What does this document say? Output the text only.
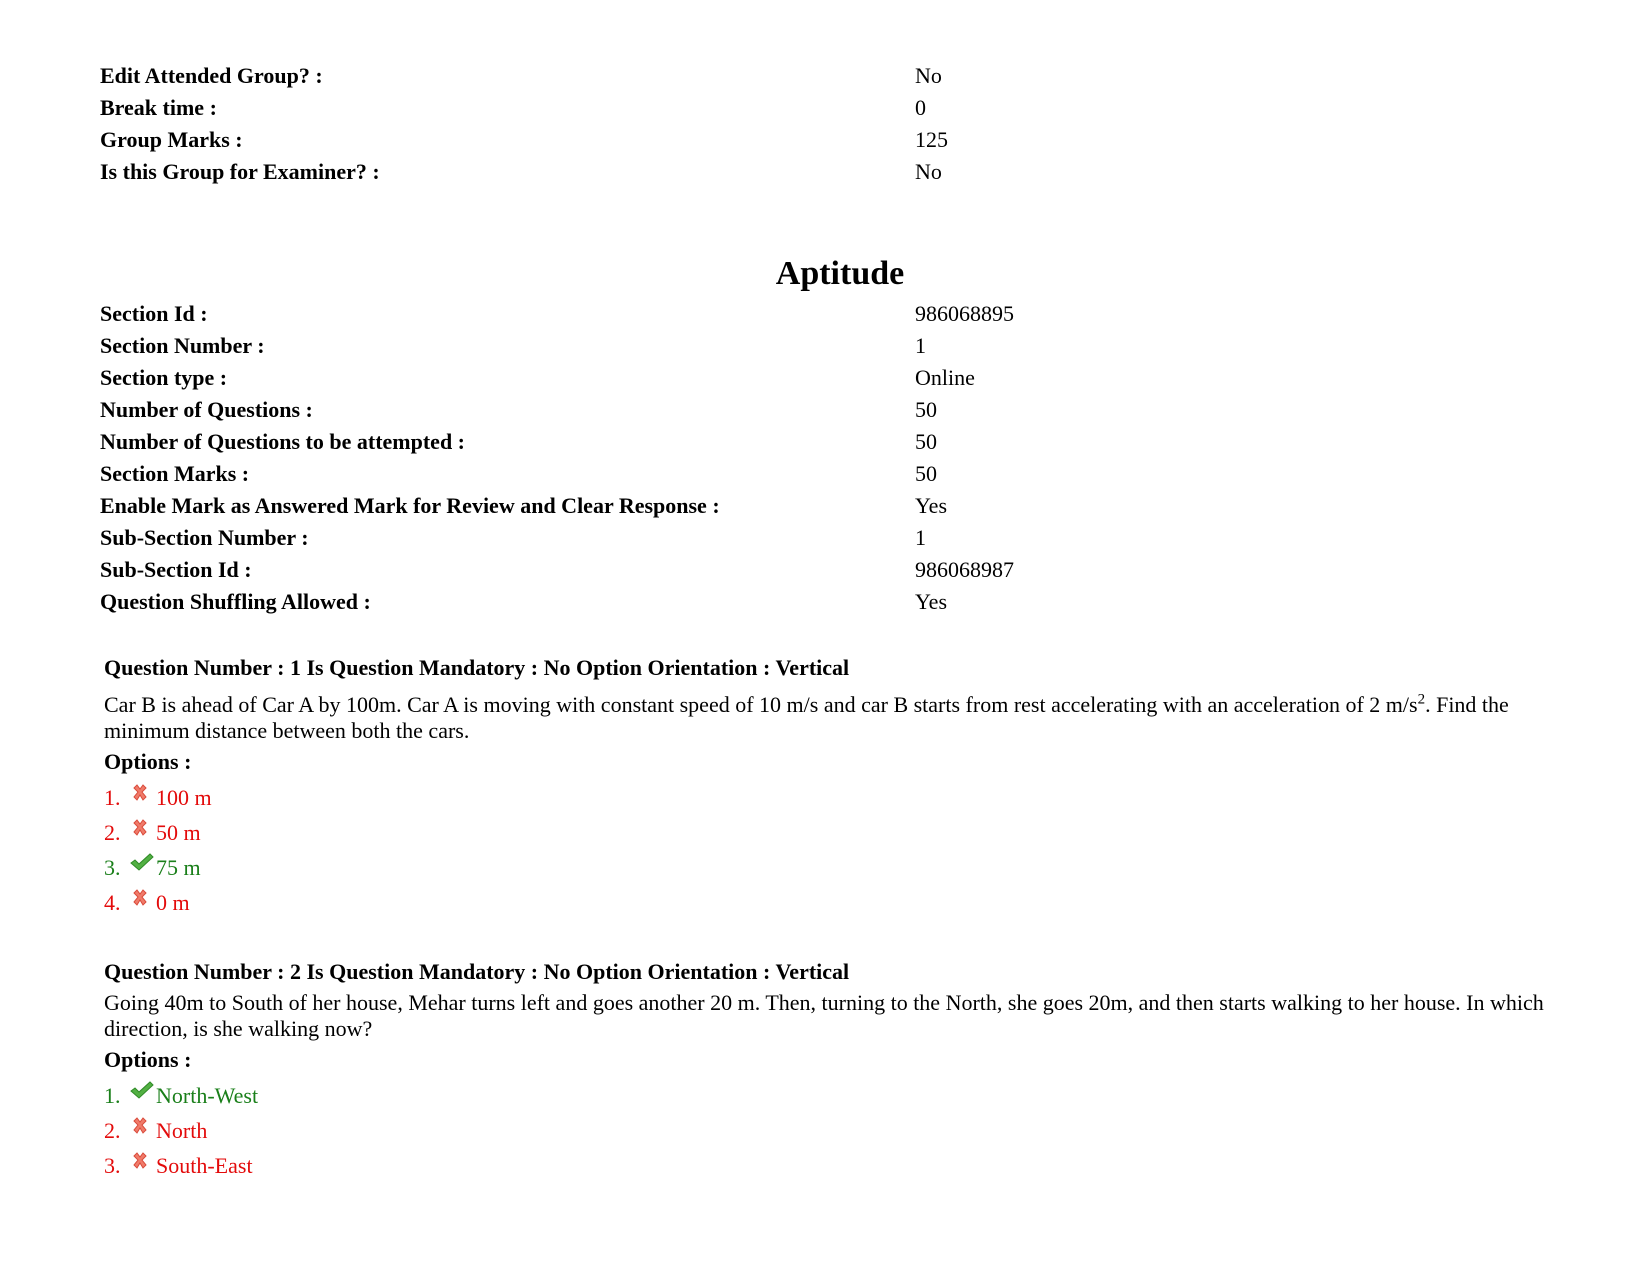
Edit Attended Group? :	No
Break time :	0
Group Marks :	125
Is this Group for Examiner? :	No
Aptitude
Section Id :	986068895
Section Number :	1
Section type :	Online
Number of Questions :	50
Number of Questions to be attempted :	50
Section Marks :	50
Enable Mark as Answered Mark for Review and Clear Response :	Yes
Sub-Section Number :	1
Sub-Section Id :	986068987
Question Shuffling Allowed :	Yes
Question Number : 1 Is Question Mandatory : No Option Orientation : Vertical
Car B is ahead of Car A by 100m. Car A is moving with constant speed of 10 m/s and car B starts from rest accelerating with an acceleration of 2 $m/s^2$. Find the minimum distance between both the cars.
Options :
1. 100 m
2. 50 m
3. 75 m
4. 0 m
Question Number : 2 Is Question Mandatory : No Option Orientation : Vertical
Going 40m to South of her house, Mehar turns left and goes another 20 m. Then, turning to the North, she goes 20m, and then starts walking to her house. In which direction, is she walking now?
Options :
1. North-West
2. North
3. South-East
